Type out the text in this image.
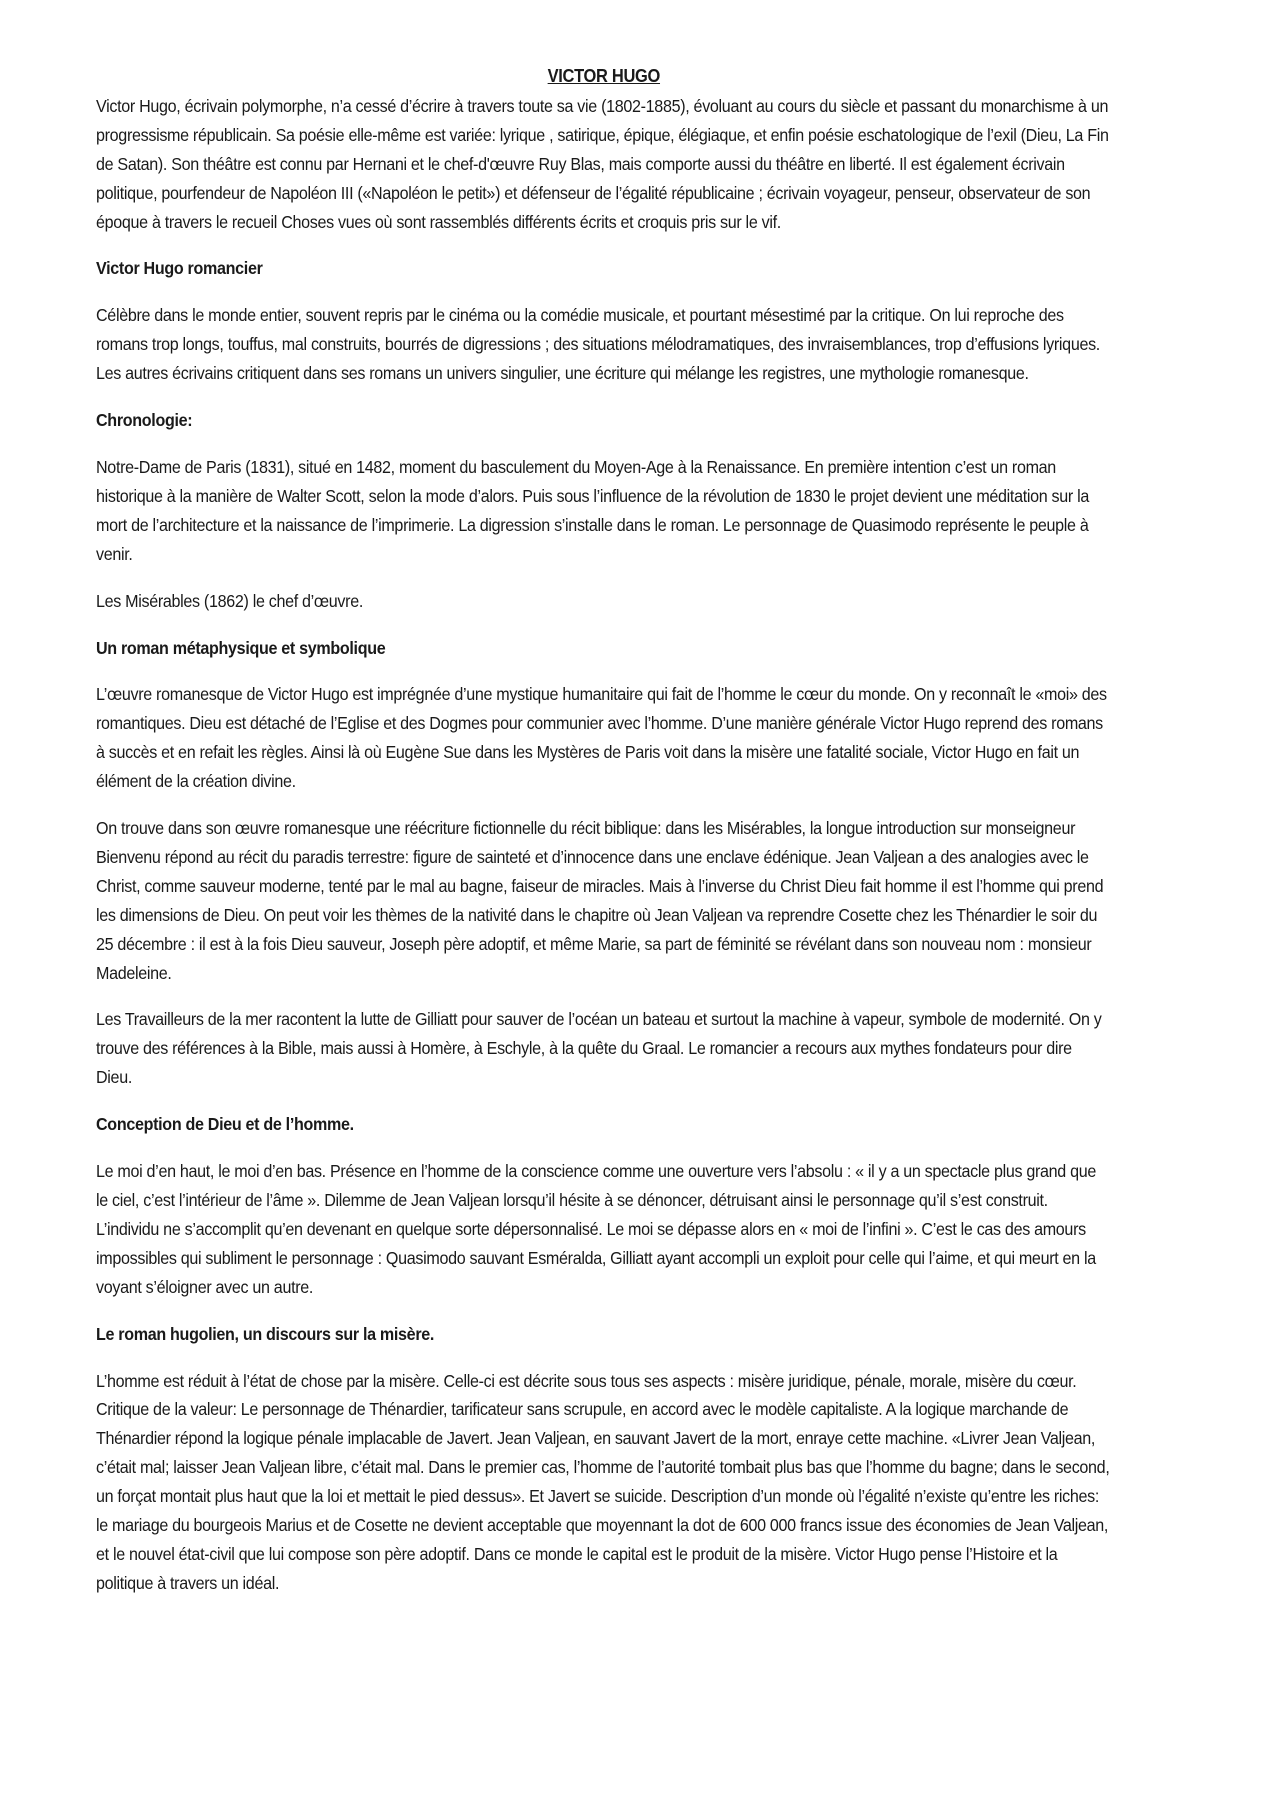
VICTOR HUGO

Victor Hugo, écrivain polymorphe, n’a cessé d’écrire à travers toute sa vie (1802-1885), évoluant au cours du siècle et passant du monarchisme à un progressisme républicain. Sa poésie elle-même est variée: lyrique , satirique, épique, élégiaque, et enfin poésie eschatologique de l’exil (Dieu, La Fin de Satan). Son théâtre est connu par Hernani et le chef-d'œuvre Ruy Blas, mais comporte aussi du théâtre en liberté. Il est également écrivain politique, pourfendeur de Napoléon III («Napoléon le petit») et défenseur de l’égalité républicaine ; écrivain voyageur, penseur, observateur de son époque à travers le recueil Choses vues où sont rassemblés différents écrits et croquis pris sur le vif.

Victor Hugo romancier

Célèbre dans le monde entier, souvent repris par le cinéma ou la comédie musicale, et pourtant mésestimé par la critique. On lui reproche des romans trop longs, touffus, mal construits, bourrés de digressions ; des situations mélodramatiques, des invraisemblances, trop d’effusions lyriques. Les autres écrivains critiquent dans ses romans un univers singulier, une écriture qui mélange les registres, une mythologie romanesque.

Chronologie:

Notre-Dame de Paris (1831), situé en 1482, moment du basculement du Moyen-Age à la Renaissance. En première intention c’est un roman historique à la manière de Walter Scott, selon la mode d’alors. Puis sous l’influence de la révolution de 1830 le projet devient une méditation sur la mort de l’architecture et la naissance de l’imprimerie. La digression s’installe dans le roman. Le personnage de Quasimodo représente le peuple à venir.

Les Misérables (1862) le chef d’œuvre.

Un roman métaphysique et symbolique

L’œuvre romanesque de Victor Hugo est imprégnée d’une mystique humanitaire qui fait de l’homme le cœur du monde. On y reconnaît le «moi» des romantiques. Dieu est détaché de l’Eglise et des Dogmes pour communier avec l’homme. D’une manière générale Victor Hugo reprend des romans à succès et en refait les règles. Ainsi là où Eugène Sue dans les Mystères de Paris voit dans la misère une fatalité sociale, Victor Hugo en fait un élément de la création divine.

On trouve dans son œuvre romanesque une réécriture fictionnelle du récit biblique: dans les Misérables, la longue introduction sur monseigneur Bienvenu répond au récit du paradis terrestre: figure de sainteté et d’innocence dans une enclave édénique. Jean Valjean a des analogies avec le Christ, comme sauveur moderne, tenté par le mal au bagne, faiseur de miracles. Mais à l’inverse du Christ Dieu fait homme il est l’homme qui prend les dimensions de Dieu. On peut voir les thèmes de la nativité dans le chapitre où Jean Valjean va reprendre Cosette chez les Thénardier le soir du 25 décembre : il est à la fois Dieu sauveur, Joseph père adoptif, et même Marie, sa part de féminité se révélant dans son nouveau nom : monsieur Madeleine.

Les Travailleurs de la mer racontent la lutte de Gilliatt pour sauver de l’océan un bateau et surtout la machine à vapeur, symbole de modernité. On y trouve des références à la Bible, mais aussi à Homère, à Eschyle, à la quête du Graal. Le romancier a recours aux mythes fondateurs pour dire Dieu.

Conception de Dieu et de l’homme.

Le moi d’en haut, le moi d’en bas. Présence en l’homme de la conscience comme une ouverture vers l’absolu : « il y a un spectacle plus grand que le ciel, c’est l’intérieur de l’âme ». Dilemme de Jean Valjean lorsqu’il hésite à se dénoncer, détruisant ainsi le personnage qu’il s’est construit. L’individu ne s’accomplit qu’en devenant en quelque sorte dépersonnalisé. Le moi se dépasse alors en « moi de l’infini ». C’est le cas des amours impossibles qui subliment le personnage : Quasimodo sauvant Esméralda, Gilliatt ayant accompli un exploit pour celle qui l’aime, et qui meurt en la voyant s’éloigner avec un autre.

Le roman hugolien, un discours sur la misère.

L’homme est réduit à l’état de chose par la misère. Celle-ci est décrite sous tous ses aspects : misère juridique, pénale, morale, misère du cœur. Critique de la valeur: Le personnage de Thénardier, tarificateur sans scrupule, en accord avec le modèle capitaliste. A la logique marchande de Thénardier répond la logique pénale implacable de Javert. Jean Valjean, en sauvant Javert de la mort, enraye cette machine. «Livrer Jean Valjean, c’était mal; laisser Jean Valjean libre, c’était mal. Dans le premier cas, l’homme de l’autorité tombait plus bas que l’homme du bagne; dans le second, un forçat montait plus haut que la loi et mettait le pied dessus». Et Javert se suicide. Description d’un monde où l’égalité n’existe qu’entre les riches: le mariage du bourgeois Marius et de Cosette ne devient acceptable que moyennant la dot de 600 000 francs issue des économies de Jean Valjean, et le nouvel état-civil que lui compose son père adoptif. Dans ce monde le capital est le produit de la misère. Victor Hugo pense l’Histoire et la politique à travers un idéal.
